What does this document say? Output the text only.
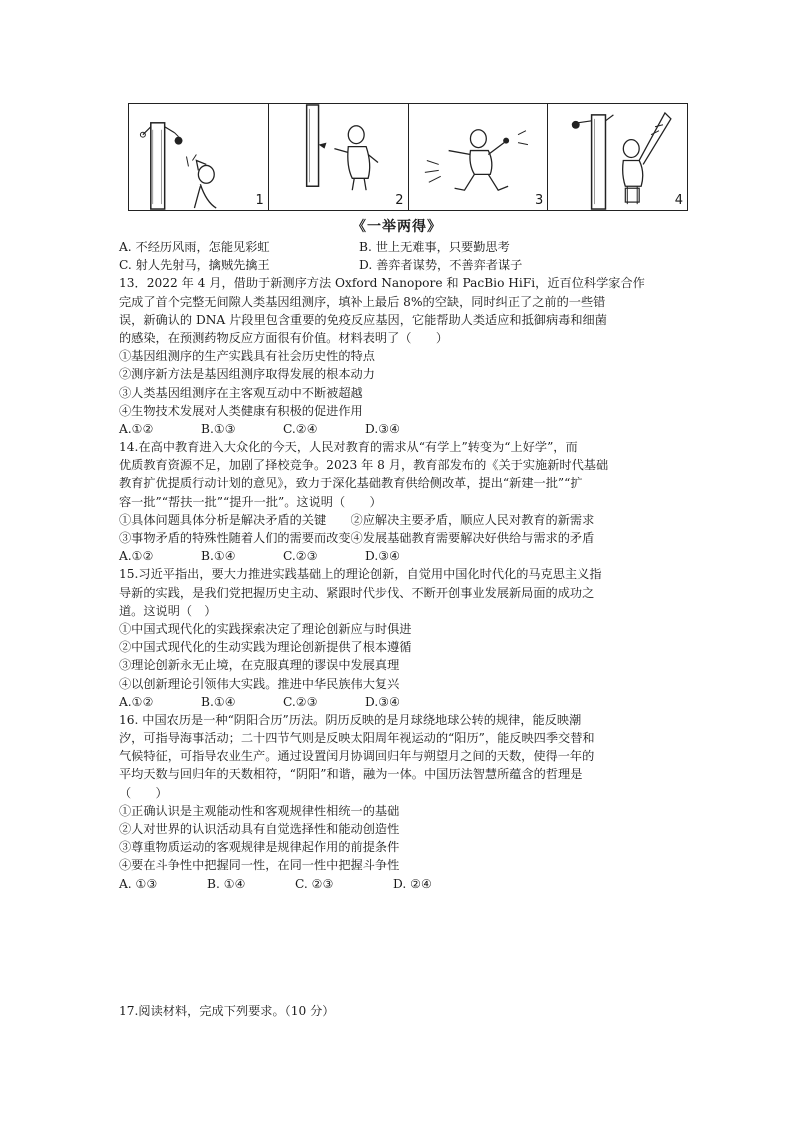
1	2	3	4
《一举两得》
A. 不经历风雨，怎能见彩虹	B. 世上无难事，只要勤思考
C. 射人先射马，擒贼先擒王	D. 善弈者谋势，不善弈者谋子
13．2022 年 4 月，借助于新测序方法 Oxford Nanopore 和 PacBio HiFi，近百位科学家合作
完成了首个完整无间隙人类基因组测序，填补上最后 8%的空缺，同时纠正了之前的一些错
误，新确认的 DNA 片段里包含重要的免疫反应基因，它能帮助人类适应和抵御病毒和细菌
的感染，在预测药物反应方面很有价值。材料表明了（　　）
①基因组测序的生产实践具有社会历史性的特点
②测序新方法是基因组测序取得发展的根本动力
③人类基因组测序在主客观互动中不断被超越
④生物技术发展对人类健康有积极的促进作用
A.①②	B.①③	C.②④	D.③④
14.在高中教育进入大众化的今天，人民对教育的需求从“有学上”转变为“上好学”，而
优质教育资源不足，加剧了择校竞争。2023 年 8 月，教育部发布的《关于实施新时代基础
教育扩优提质行动计划的意见》，致力于深化基础教育供给侧改革，提出“新建一批”“扩
容一批”“帮扶一批”“提升一批”。这说明（　　）
①具体问题具体分析是解决矛盾的关键　　②应解决主要矛盾，顺应人民对教育的新需求
③事物矛盾的特殊性随着人们的需要而改变④发展基础教育需要解决好供给与需求的矛盾
A.①②	B.①④	C.②③	D.③④
15.习近平指出，要大力推进实践基础上的理论创新，自觉用中国化时代化的马克思主义指
导新的实践，是我们党把握历史主动、紧跟时代步伐、不断开创事业发展新局面的成功之
道。这说明（　）
①中国式现代化的实践探索决定了理论创新应与时俱进
②中国式现代化的生动实践为理论创新提供了根本遵循
③理论创新永无止境，在克服真理的谬误中发展真理
④以创新理论引领伟大实践。推进中华民族伟大复兴
A.①②	B.①④	C.②③	D.③④
16. 中国农历是一种“阴阳合历”历法。阴历反映的是月球绕地球公转的规律，能反映潮
汐，可指导海事活动；二十四节气则是反映太阳周年视运动的“阳历”，能反映四季交替和
气候特征，可指导农业生产。通过设置闰月协调回归年与朔望月之间的天数，使得一年的
平均天数与回归年的天数相符，“阴阳”和谐，融为一体。中国历法智慧所蕴含的哲理是
（　　）
①正确认识是主观能动性和客观规律性相统一的基础
②人对世界的认识活动具有自觉选择性和能动创造性
③尊重物质运动的客观规律是规律起作用的前提条件
④要在斗争性中把握同一性，在同一性中把握斗争性
A. ①③	B. ①④	C. ②③	D. ②④
17.阅读材料，完成下列要求。（10 分）
